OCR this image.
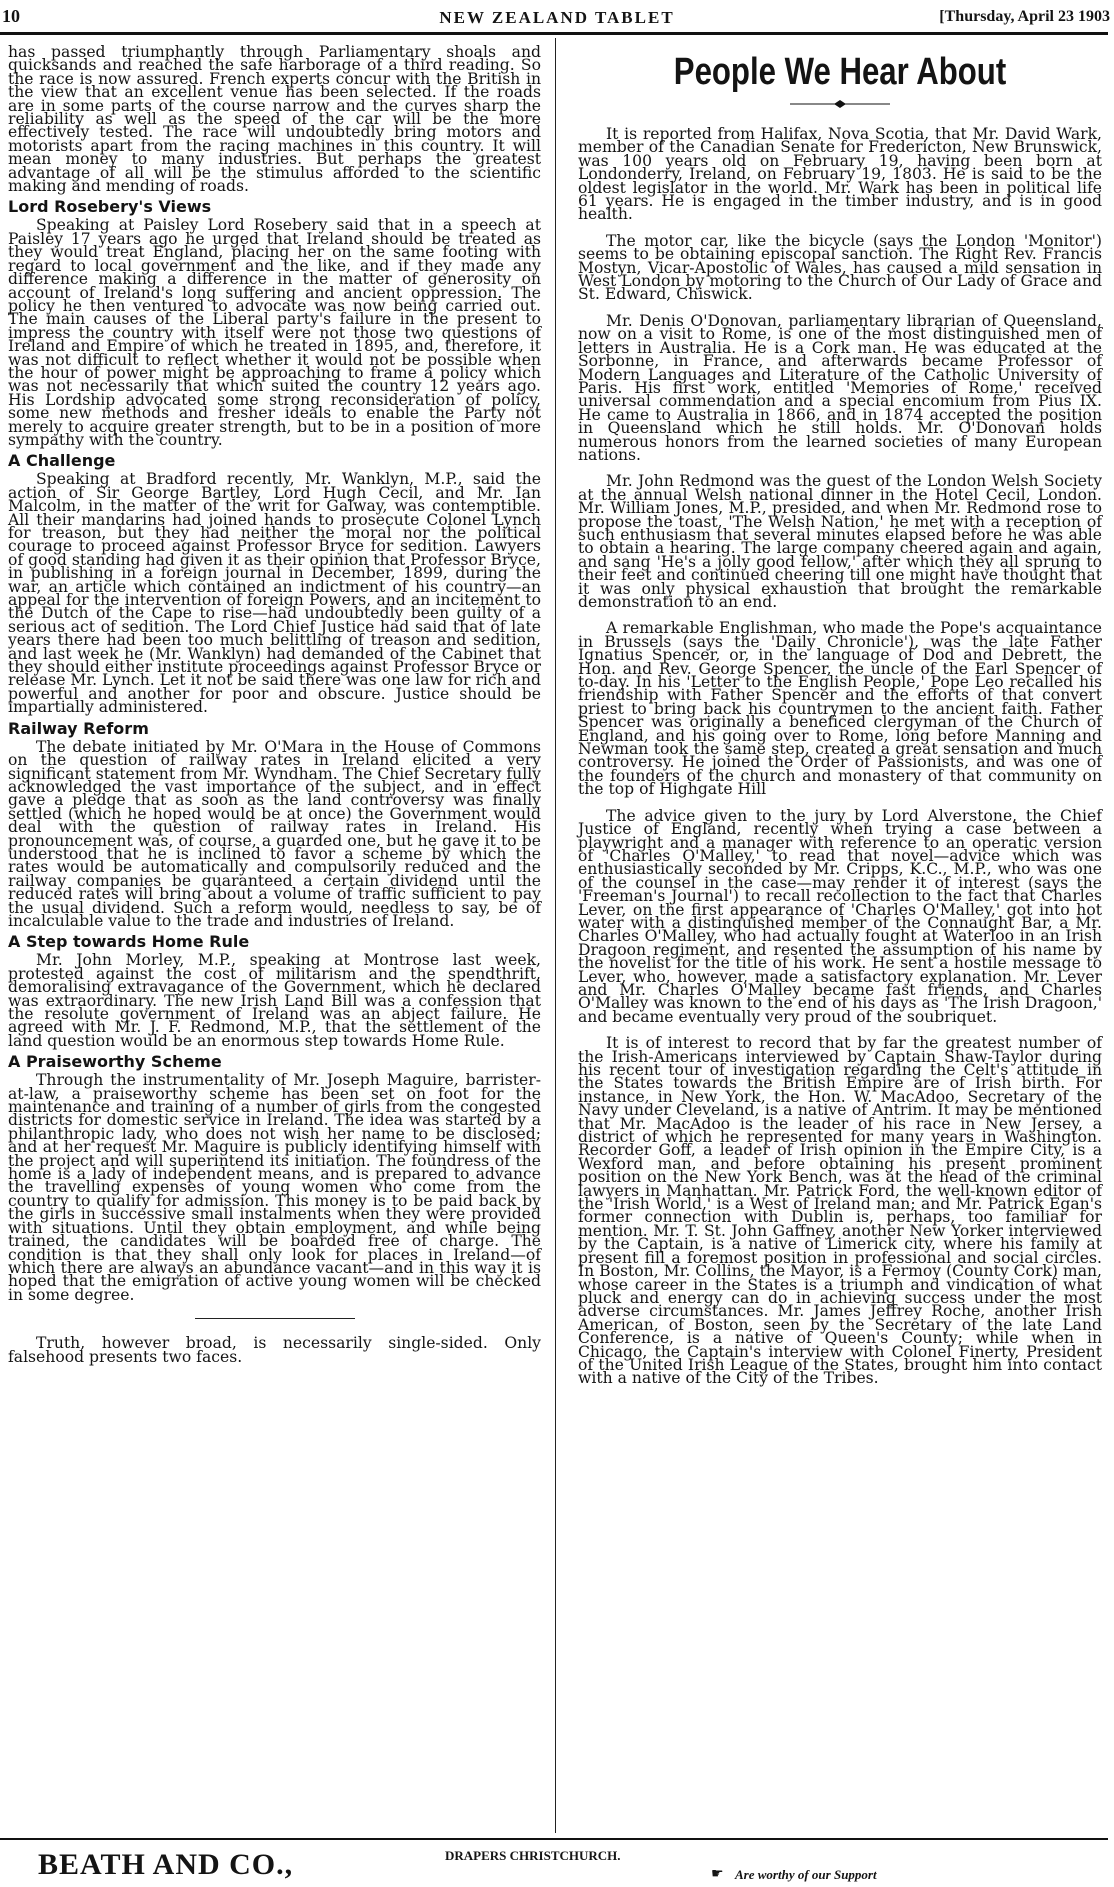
10	NEW ZEALAND TABLET	[Thursday, April 23 1903

has passed triumphantly through Parliamentary shoals and quicksands and reached the safe harborage of a third reading. So the race is now assured. French experts concur with the British in the view that an excellent venue has been selected. If the roads are in some parts of the course narrow and the curves sharp the reliability as well as the speed of the car will be the more effectively tested. The race will undoubtedly bring motors and motorists apart from the racing machines in this country. It will mean money to many industries. But perhaps the greatest advantage of all will be the stimulus afforded to the scientific making and mending of roads.

Lord Rosebery's Views

Speaking at Paisley Lord Rosebery said that in a speech at Paisley 17 years ago he urged that Ireland should be treated as they would treat England, placing her on the same footing with regard to local government and the like, and if they made any difference making a difference in the matter of generosity on account of Ireland's long suffering and ancient oppression. The policy he then ventured to advocate was now being carried out. The main causes of the Liberal party's failure in the present to impress the country with itself were not those two questions of Ireland and Empire of which he treated in 1895, and, therefore, it was not difficult to reflect whether it would not be possible when the hour of power might be approaching to frame a policy which was not necessarily that which suited the country 12 years ago. His Lordship advocated some strong reconsideration of policy, some new methods and fresher ideals to enable the Party not merely to acquire greater strength, but to be in a position of more sympathy with the country.

A Challenge

Speaking at Bradford recently, Mr. Wanklyn, M.P., said the action of Sir George Bartley, Lord Hugh Cecil, and Mr. Ian Malcolm, in the matter of the writ for Galway, was contemptible. All their mandarins had joined hands to prosecute Colonel Lynch for treason, but they had neither the moral nor the political courage to proceed against Professor Bryce for sedition. Lawyers of good standing had given it as their opinion that Professor Bryce, in publishing in a foreign journal in December, 1899, during the war, an article which contained an indictment of his country—an appeal for the intervention of foreign Powers, and an incitement to the Dutch of the Cape to rise—had undoubtedly been guilty of a serious act of sedition. The Lord Chief Justice had said that of late years there had been too much belittling of treason and sedition, and last week he (Mr. Wanklyn) had demanded of the Cabinet that they should either institute proceedings against Professor Bryce or release Mr. Lynch. Let it not be said there was one law for rich and powerful and another for poor and obscure. Justice should be impartially administered.

Railway Reform

The debate initiated by Mr. O'Mara in the House of Commons on the question of railway rates in Ireland elicited a very significant statement from Mr. Wyndham. The Chief Secretary fully acknowledged the vast importance of the subject, and in effect gave a pledge that as soon as the land controversy was finally settled (which he hoped would be at once) the Government would deal with the question of railway rates in Ireland. His pronouncement was, of course, a guarded one, but he gave it to be understood that he is inclined to favor a scheme by which the rates would be automatically and compulsorily reduced and the railway companies be guaranteed a certain dividend until the reduced rates will bring about a volume of traffic sufficient to pay the usual dividend. Such a reform would, needless to say, be of incalculable value to the trade and industries of Ireland.

A Step towards Home Rule

Mr. John Morley, M.P., speaking at Montrose last week, protested against the cost of militarism and the spendthrift, demoralising extravagance of the Government, which he declared was extraordinary. The new Irish Land Bill was a confession that the resolute government of Ireland was an abject failure. He agreed with Mr. J. F. Redmond, M.P., that the settlement of the land question would be an enormous step towards Home Rule.

A Praiseworthy Scheme

Through the instrumentality of Mr. Joseph Maguire, barrister-at-law, a praiseworthy scheme has been set on foot for the maintenance and training of a number of girls from the congested districts for domestic service in Ireland. The idea was started by a philanthropic lady, who does not wish her name to be disclosed; and at her request Mr. Maguire is publicly identifying himself with the project and will superintend its initiation. The foundress of the home is a lady of independent means, and is prepared to advance the travelling expenses of young women who come from the country to qualify for admission. This money is to be paid back by the girls in successive small instalments when they were provided with situations. Until they obtain employment, and while being trained, the candidates will be boarded free of charge. The condition is that they shall only look for places in Ireland—of which there are always an abundance vacant—and in this way it is hoped that the emigration of active young women will be checked in some degree.

Truth, however broad, is necessarily single-sided. Only falsehood presents two faces.

People We Hear About

It is reported from Halifax, Nova Scotia, that Mr. David Wark, member of the Canadian Senate for Fredericton, New Brunswick, was 100 years old on February 19, having been born at Londonderry, Ireland, on February 19, 1803. He is said to be the oldest legislator in the world. Mr. Wark has been in political life 61 years. He is engaged in the timber industry, and is in good health.

The motor car, like the bicycle (says the London 'Monitor') seems to be obtaining episcopal sanction. The Right Rev. Francis Mostyn, Vicar-Apostolic of Wales, has caused a mild sensation in West London by motoring to the Church of Our Lady of Grace and St. Edward, Chiswick.

Mr. Denis O'Donovan, parliamentary librarian of Queensland, now on a visit to Rome, is one of the most distinguished men of letters in Australia. He is a Cork man. He was educated at the Sorbonne, in France, and afterwards became Professor of Modern Languages and Literature of the Catholic University of Paris. His first work, entitled 'Memories of Rome,' received universal commendation and a special encomium from Pius IX. He came to Australia in 1866, and in 1874 accepted the position in Queensland which he still holds. Mr. O'Donovan holds numerous honors from the learned societies of many European nations.

Mr. John Redmond was the guest of the London Welsh Society at the annual Welsh national dinner in the Hotel Cecil, London. Mr. William Jones, M.P., presided, and when Mr. Redmond rose to propose the toast, 'The Welsh Nation,' he met with a reception of such enthusiasm that several minutes elapsed before he was able to obtain a hearing. The large company cheered again and again, and sang 'He's a jolly good fellow,' after which they all sprung to their feet and continued cheering till one might have thought that it was only physical exhaustion that brought the remarkable demonstration to an end.

A remarkable Englishman, who made the Pope's acquaintance in Brussels (says the 'Daily Chronicle'), was the late Father Ignatius Spencer, or, in the language of Dod and Debrett, the Hon. and Rev. George Spencer, the uncle of the Earl Spencer of to-day. In his 'Letter to the English People,' Pope Leo recalled his friendship with Father Spencer and the efforts of that convert priest to bring back his countrymen to the ancient faith. Father Spencer was originally a beneficed clergyman of the Church of England, and his going over to Rome, long before Manning and Newman took the same step, created a great sensation and much controversy. He joined the Order of Passionists, and was one of the founders of the church and monastery of that community on the top of Highgate Hill

The advice given to the jury by Lord Alverstone, the Chief Justice of England, recently when trying a case between a playwright and a manager with reference to an operatic version of 'Charles O'Malley,' to read that novel—advice which was enthusiastically seconded by Mr. Cripps, K.C., M.P., who was one of the counsel in the case—may render it of interest (says the 'Freeman's Journal') to recall recollection to the fact that Charles Lever, on the first appearance of 'Charles O'Malley,' got into hot water with a distinguished member of the Connaught Bar, a Mr. Charles O'Malley, who had actually fought at Waterloo in an Irish Dragoon regiment, and resented the assumption of his name by the novelist for the title of his work. He sent a hostile message to Lever, who, however, made a satisfactory explanation. Mr. Lever and Mr. Charles O'Malley became fast friends, and Charles O'Malley was known to the end of his days as 'The Irish Dragoon,' and became eventually very proud of the soubriquet.

It is of interest to record that by far the greatest number of the Irish-Americans interviewed by Captain Shaw-Taylor during his recent tour of investigation regarding the Celt's attitude in the States towards the British Empire are of Irish birth. For instance, in New York, the Hon. W. MacAdoo, Secretary of the Navy under Cleveland, is a native of Antrim. It may be mentioned that Mr. MacAdoo is the leader of his race in New Jersey, a district of which he represented for many years in Washington. Recorder Goff, a leader of Irish opinion in the Empire City, is a Wexford man, and before obtaining his present prominent position on the New York Bench, was at the head of the criminal lawyers in Manhattan. Mr. Patrick Ford, the well-known editor of the 'Irish World,' is a West of Ireland man; and Mr. Patrick Egan's former connection with Dublin is, perhaps, too familiar for mention. Mr. T. St. John Gaffney, another New Yorker interviewed by the Captain, is a native of Limerick city, where his family at present fill a foremost position in professional and social circles. In Boston, Mr. Collins, the Mayor, is a Fermoy (County Cork) man, whose career in the States is a triumph and vindication of what pluck and energy can do in achieving success under the most adverse circumstances. Mr. James Jeffrey Roche, another Irish American, of Boston, seen by the Secretary of the late Land Conference, is a native of Queen's County; while when in Chicago, the Captain's interview with Colonel Finerty, President of the United Irish League of the States, brought him into contact with a native of the City of the Tribes.

BEATH AND CO.,	DRAPERS CHRISTCHURCH.
☛ Are worthy of our Support
